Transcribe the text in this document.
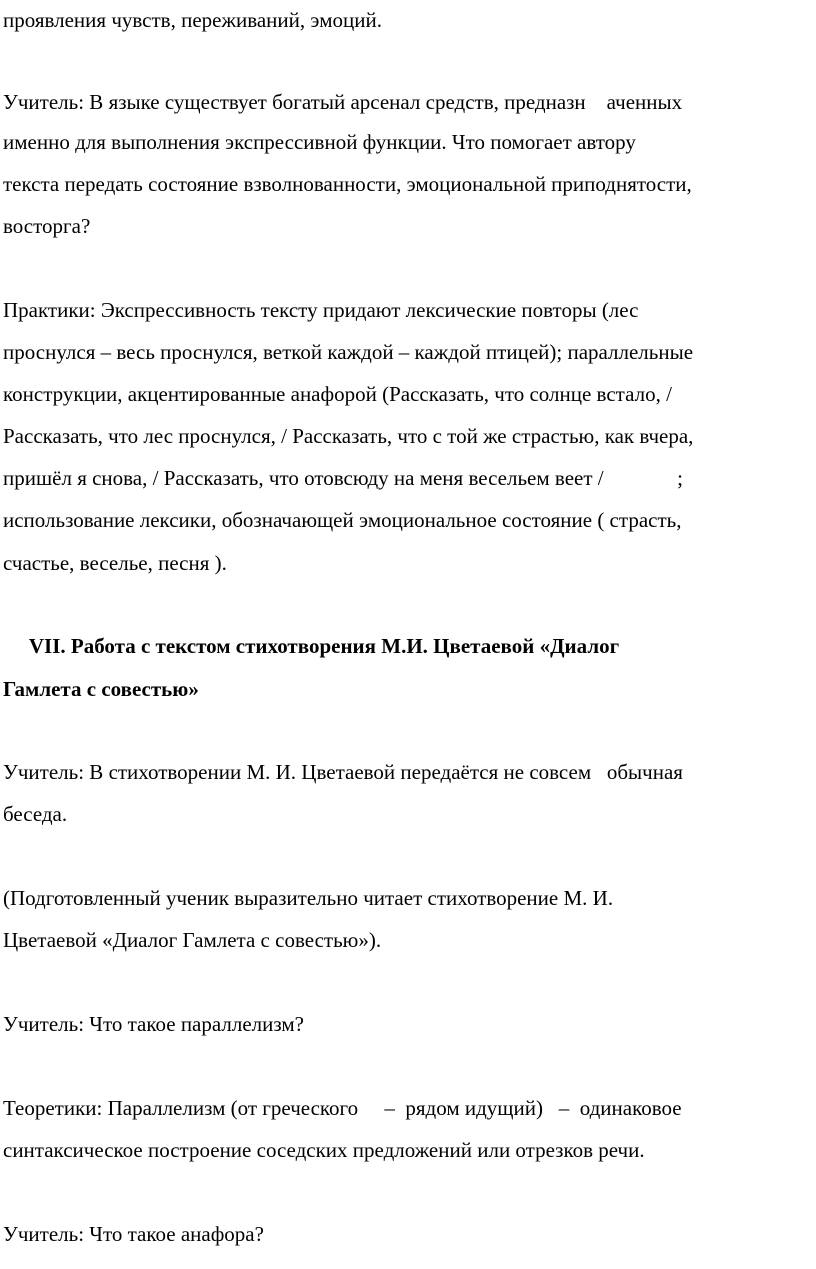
проявления чувств, переживаний, эмоций.
Учитель: В языке существует богатый арсенал средств, предназн    аченных
именно для выполнения экспрессивной функции. Что помогает автору
текста передать состояние взволнованности, эмоциональной приподнятости,
восторга?
Практики: Экспрессивность тексту придают лексические повторы (лес
проснулся – весь проснулся, веткой каждой – каждой птицей); параллельные
конструкции, акцентированные анафорой (Рассказать, что солнце встало, /
Рассказать, что лес проснулся, / Рассказать, что с той же страстью, как вчера,
пришёл я снова, / Рассказать, что отовсюду на меня весельем веет /              ;
использование лексики, обозначающей эмоциональное состояние ( страсть,
счастье, веселье, песня ).
VII. Работа с текстом стихотворения М.И. Цветаевой «Диалог
Гамлета с совестью»
Учитель: В стихотворении М. И. Цветаевой передаётся не совсем   обычная
беседа.
(Подготовленный ученик выразительно читает стихотворение М. И.
Цветаевой «Диалог Гамлета с совестью»).
Учитель: Что такое параллелизм?
Теоретики: Параллелизм (от греческого     –  рядом идущий)   –  одинаковое
синтаксическое построение соседских предложений или отрезков речи.
Учитель: Что такое анафора?
